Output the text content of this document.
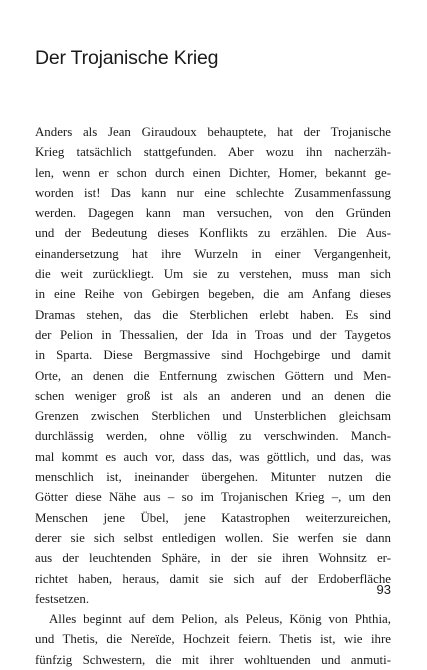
Der Trojanische Krieg
Anders als Jean Giraudoux behauptete, hat der Trojanische
Krieg tatsächlich stattgefunden. Aber wozu ihn nacherzäh-
len, wenn er schon durch einen Dichter, Homer, bekannt ge-
worden ist! Das kann nur eine schlechte Zusammenfassung
werden. Dagegen kann man versuchen, von den Gründen
und der Bedeutung dieses Konflikts zu erzählen. Die Aus-
einandersetzung hat ihre Wurzeln in einer Vergangenheit,
die weit zurückliegt. Um sie zu verstehen, muss man sich
in eine Reihe von Gebirgen begeben, die am Anfang dieses
Dramas stehen, das die Sterblichen erlebt haben. Es sind
der Pelion in Thessalien, der Ida in Troas und der Taygetos
in Sparta. Diese Bergmassive sind Hochgebirge und damit
Orte, an denen die Entfernung zwischen Göttern und Men-
schen weniger groß ist als an anderen und an denen die
Grenzen zwischen Sterblichen und Unsterblichen gleichsam
durchlässig werden, ohne völlig zu verschwinden. Manch-
mal kommt es auch vor, dass das, was göttlich, und das, was
menschlich ist, ineinander übergehen. Mitunter nutzen die
Götter diese Nähe aus – so im Trojanischen Krieg –, um den
Menschen jene Übel, jene Katastrophen weiterzureichen,
derer sie sich selbst entledigen wollen. Sie werfen sie dann
aus der leuchtenden Sphäre, in der sie ihren Wohnsitz er-
richtet haben, heraus, damit sie sich auf der Erdoberfläche
festsetzen.
Alles beginnt auf dem Pelion, als Peleus, König von Phthia,
und Thetis, die Nereïde, Hochzeit feiern. Thetis ist, wie ihre
fünfzig Schwestern, die mit ihrer wohltuenden und anmuti-
93
